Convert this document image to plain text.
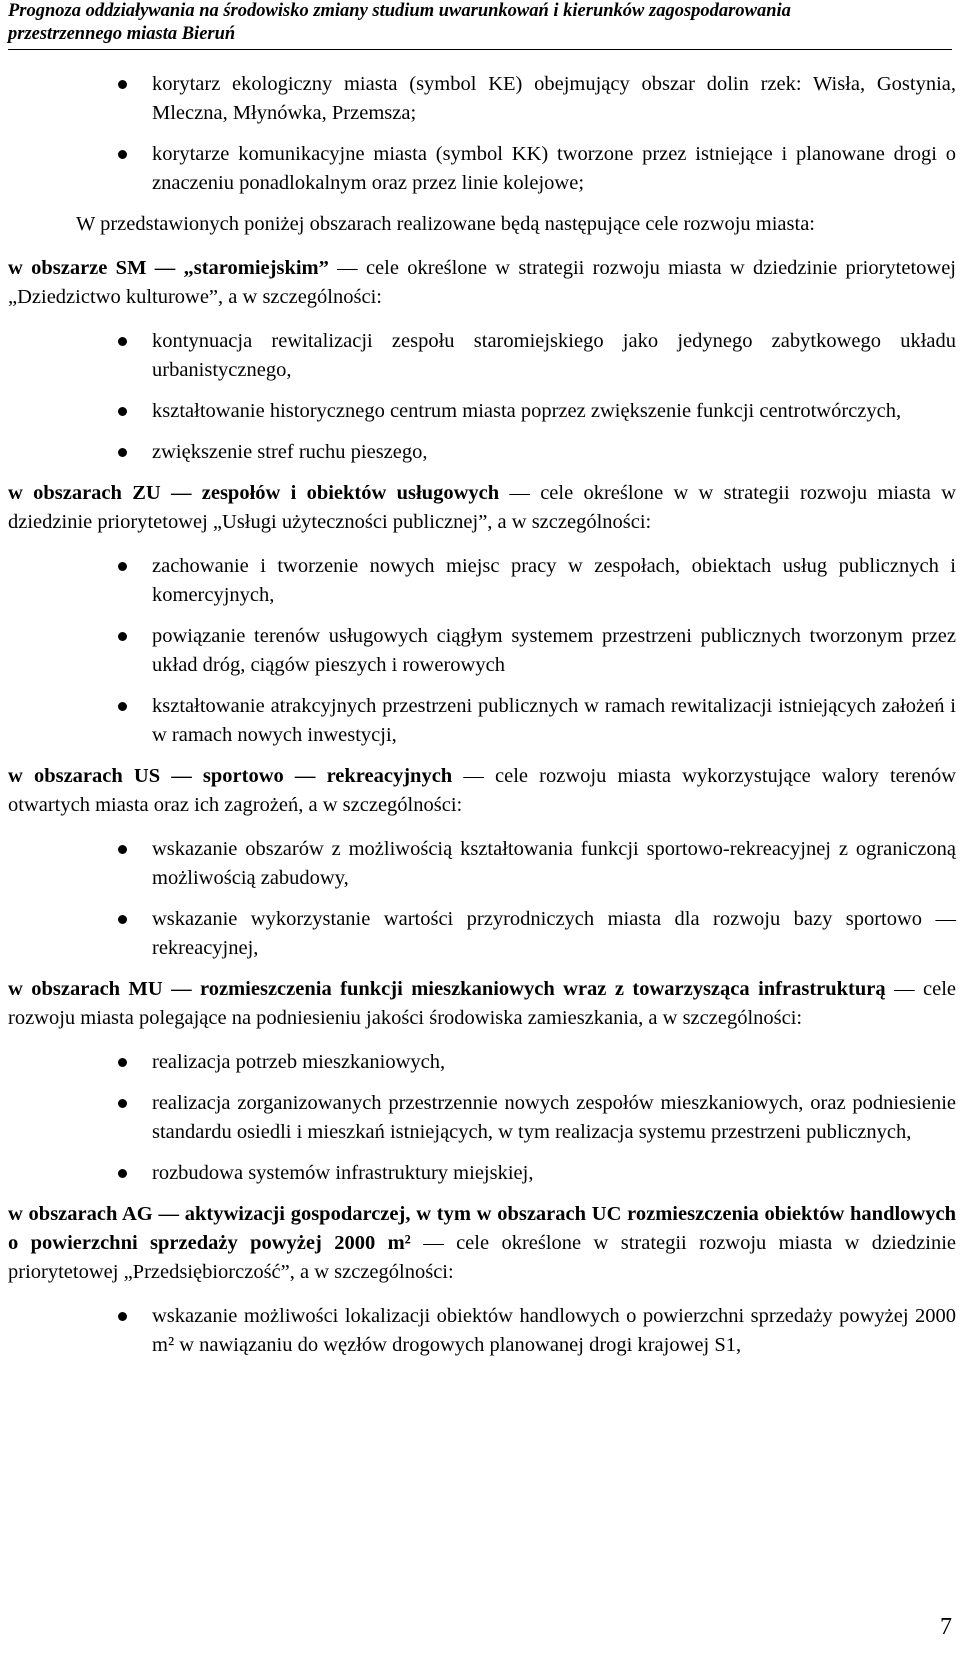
Prognoza oddziaływania na środowisko zmiany studium uwarunkowań i kierunków zagospodarowania
przestrzennego miasta Bieruń
korytarz ekologiczny miasta (symbol KE) obejmujący obszar dolin rzek: Wisła, Gostynia, Mleczna, Młynówka, Przemsza;
korytarze komunikacyjne miasta (symbol KK) tworzone przez istniejące i planowane drogi o znaczeniu ponadlokalnym oraz przez linie kolejowe;

W przedstawionych poniżej obszarach realizowane będą następujące cele rozwoju miasta:

w obszarze SM ― „staromiejskim” ― cele określone w strategii rozwoju miasta w dziedzinie priorytetowej „Dziedzictwo kulturowe”, a w szczególności:

kontynuacja rewitalizacji zespołu staromiejskiego jako jedynego zabytkowego układu urbanistycznego,
kształtowanie historycznego centrum miasta poprzez zwiększenie funkcji centrotwórczych,
zwiększenie stref ruchu pieszego,

w obszarach ZU ― zespołów i obiektów usługowych ― cele określone w w strategii rozwoju miasta w dziedzinie priorytetowej „Usługi użyteczności publicznej”, a w szczególności:

zachowanie i tworzenie nowych miejsc pracy w zespołach, obiektach usług publicznych i komercyjnych,
powiązanie terenów usługowych ciągłym systemem przestrzeni publicznych tworzonym przez układ dróg, ciągów pieszych i rowerowych
kształtowanie atrakcyjnych przestrzeni publicznych w ramach rewitalizacji istniejących założeń i w ramach nowych inwestycji,

w obszarach US ― sportowo ― rekreacyjnych ― cele rozwoju miasta wykorzystujące walory terenów otwartych miasta oraz ich zagrożeń, a w szczególności:

wskazanie obszarów z możliwością kształtowania funkcji sportowo-rekreacyjnej z ograniczoną możliwością zabudowy,
wskazanie wykorzystanie wartości przyrodniczych miasta dla rozwoju bazy sportowo ― rekreacyjnej,

w obszarach MU ― rozmieszczenia funkcji mieszkaniowych wraz z towarzysząca infrastrukturą ― cele rozwoju miasta polegające na podniesieniu jakości środowiska zamieszkania, a w szczególności:

realizacja potrzeb mieszkaniowych,
realizacja zorganizowanych przestrzennie nowych zespołów mieszkaniowych, oraz podniesienie standardu osiedli i mieszkań istniejących, w tym realizacja systemu przestrzeni publicznych,
rozbudowa systemów infrastruktury miejskiej,

w obszarach AG ― aktywizacji gospodarczej, w tym w obszarach UC rozmieszczenia obiektów handlowych o powierzchni sprzedaży powyżej 2000 m² ― cele określone w strategii rozwoju miasta w dziedzinie priorytetowej „Przedsiębiorczość”, a w szczególności:

wskazanie możliwości lokalizacji obiektów handlowych o powierzchni sprzedaży powyżej 2000 m² w nawiązaniu do węzłów drogowych planowanej drogi krajowej S1,
7
